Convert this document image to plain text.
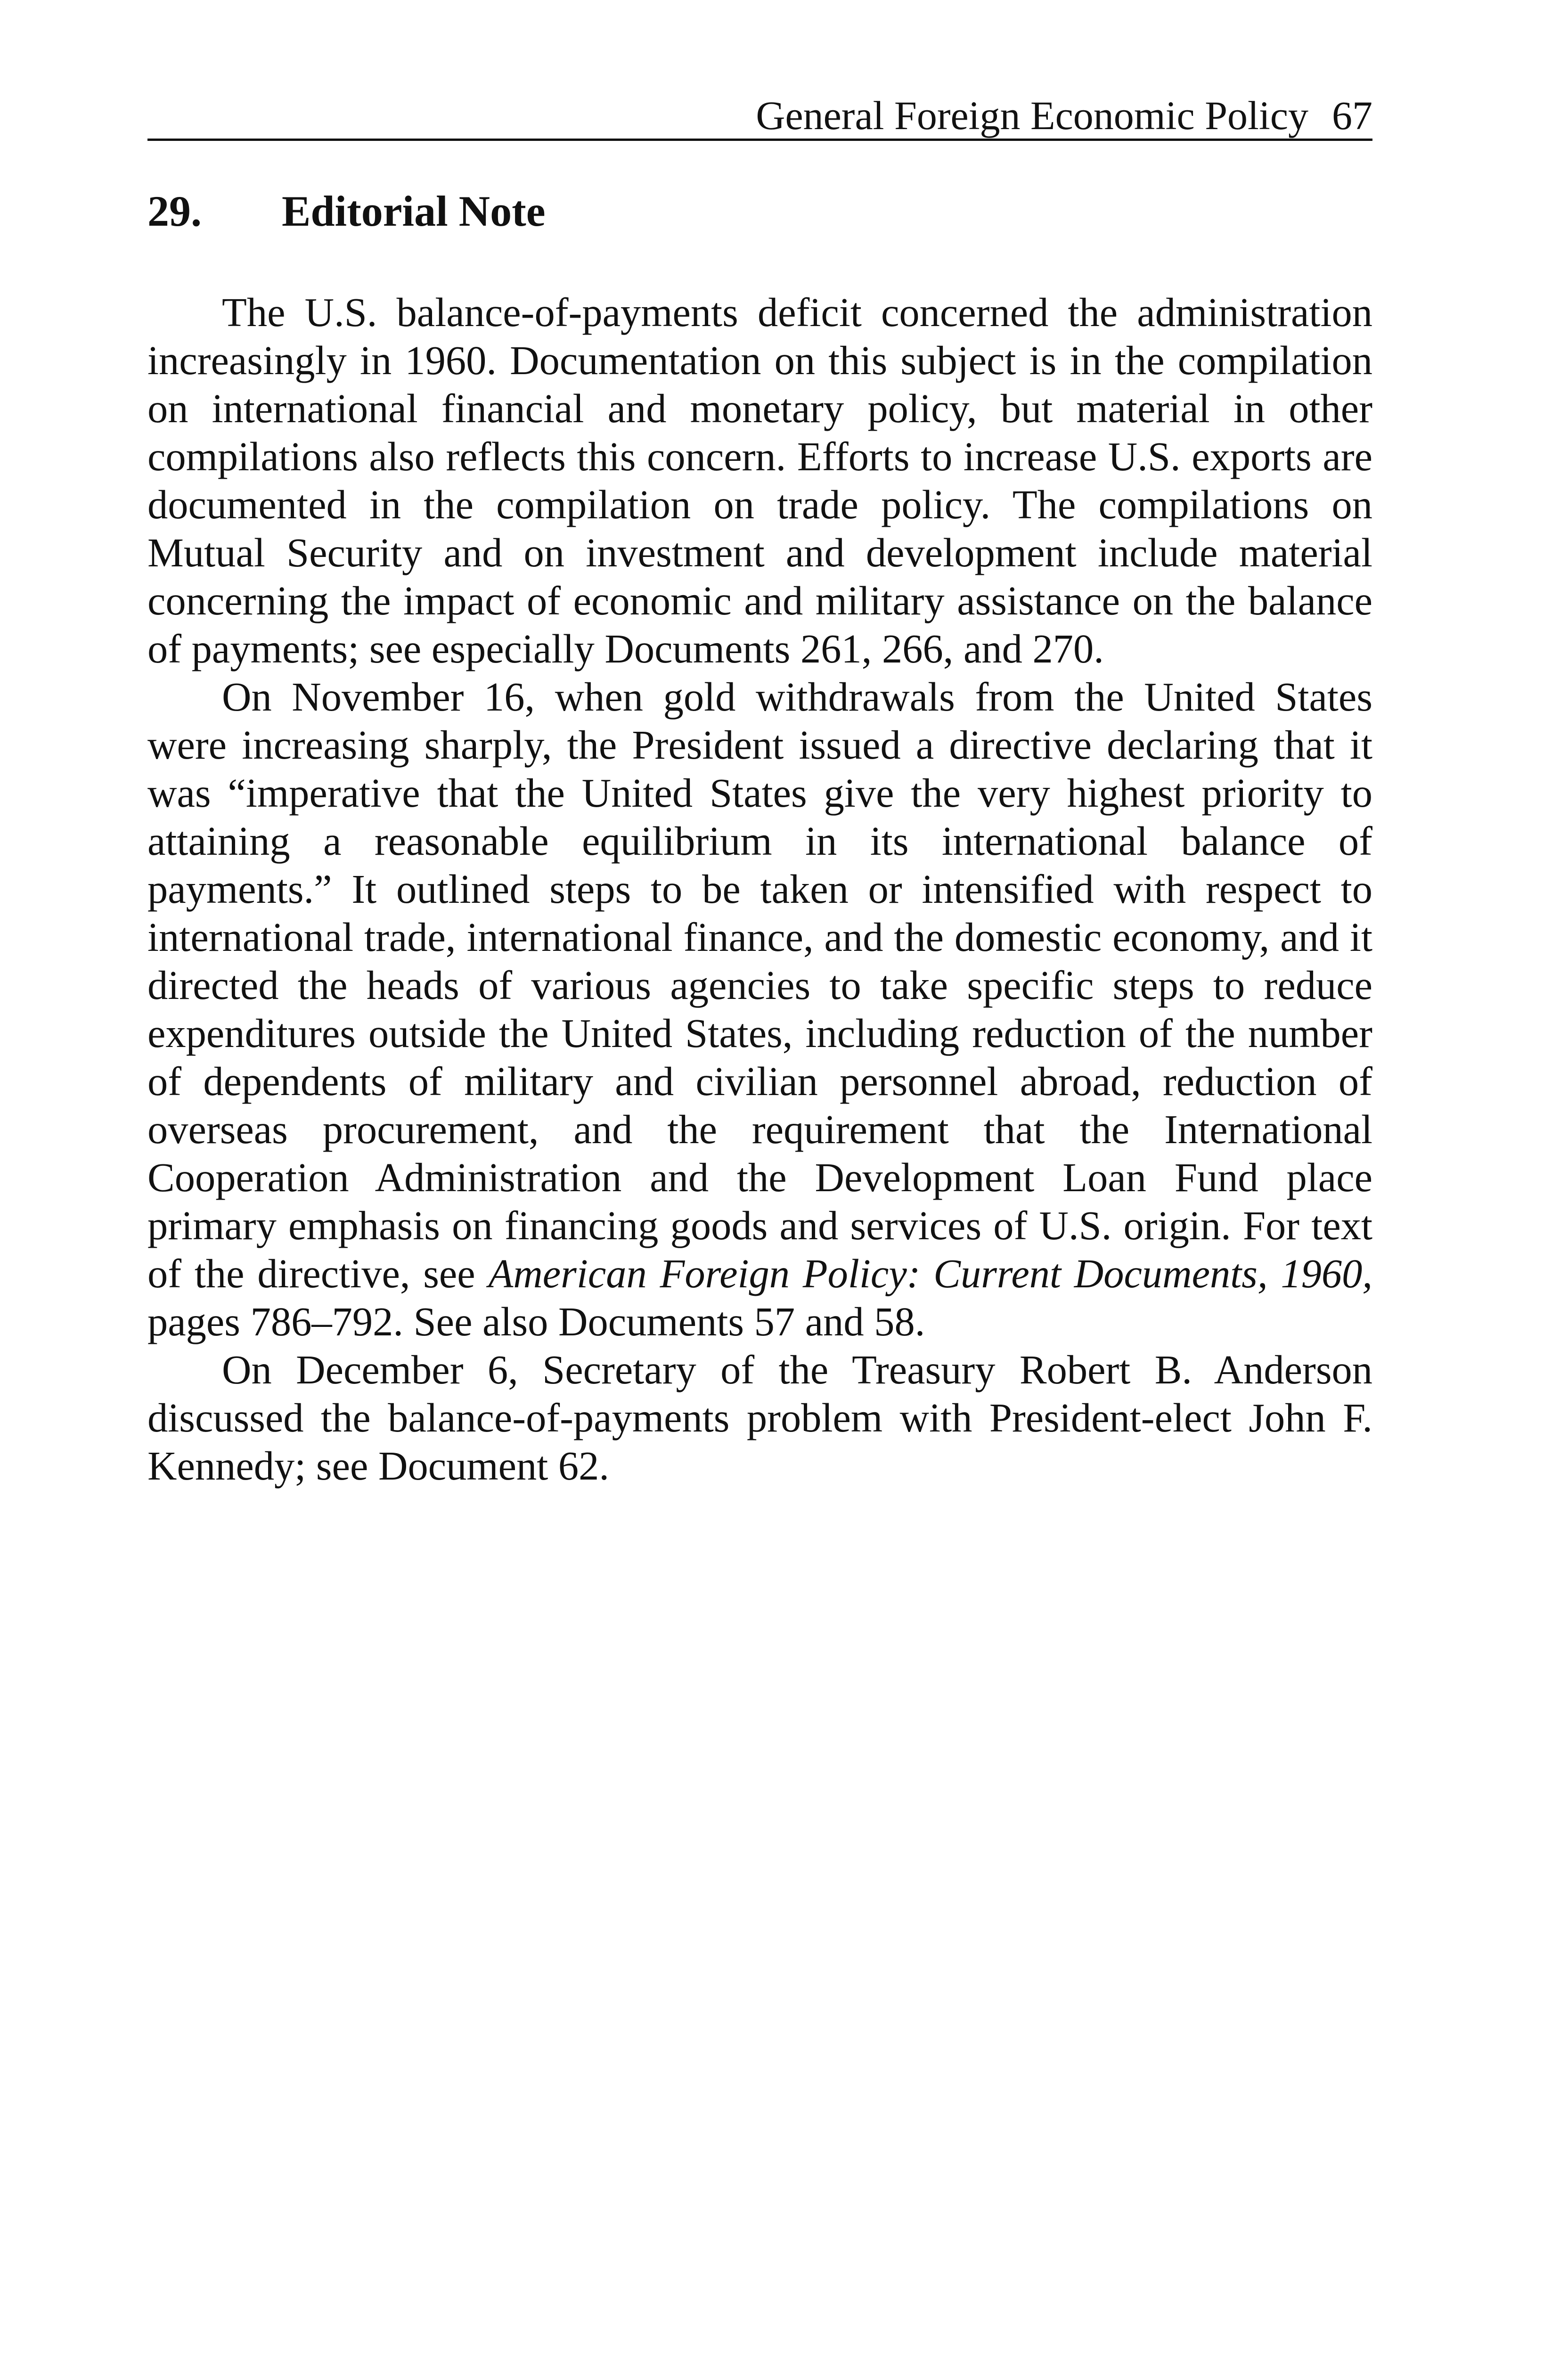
General Foreign Economic Policy 67
29. Editorial Note

The U.S. balance-of-payments deficit concerned the administration increasingly in 1960. Documentation on this subject is in the compilation on international financial and monetary policy, but material in other compilations also reflects this concern. Efforts to increase U.S. exports are documented in the compilation on trade policy. The compilations on Mutual Security and on investment and development include material concerning the impact of economic and military assistance on the balance of payments; see especially Documents 261, 266, and 270.

On November 16, when gold withdrawals from the United States were increasing sharply, the President issued a directive declaring that it was “imperative that the United States give the very highest priority to attaining a reasonable equilibrium in its international balance of payments.” It outlined steps to be taken or intensified with respect to international trade, international finance, and the domestic economy, and it directed the heads of various agencies to take specific steps to reduce expenditures outside the United States, including reduction of the number of dependents of military and civilian personnel abroad, reduction of overseas procurement, and the requirement that the International Cooperation Administration and the Development Loan Fund place primary emphasis on financing goods and services of U.S. origin. For text of the directive, see American Foreign Policy: Current Documents, 1960, pages 786–792. See also Documents 57 and 58.

On December 6, Secretary of the Treasury Robert B. Anderson discussed the balance-of-payments problem with President-elect John F. Kennedy; see Document 62.
